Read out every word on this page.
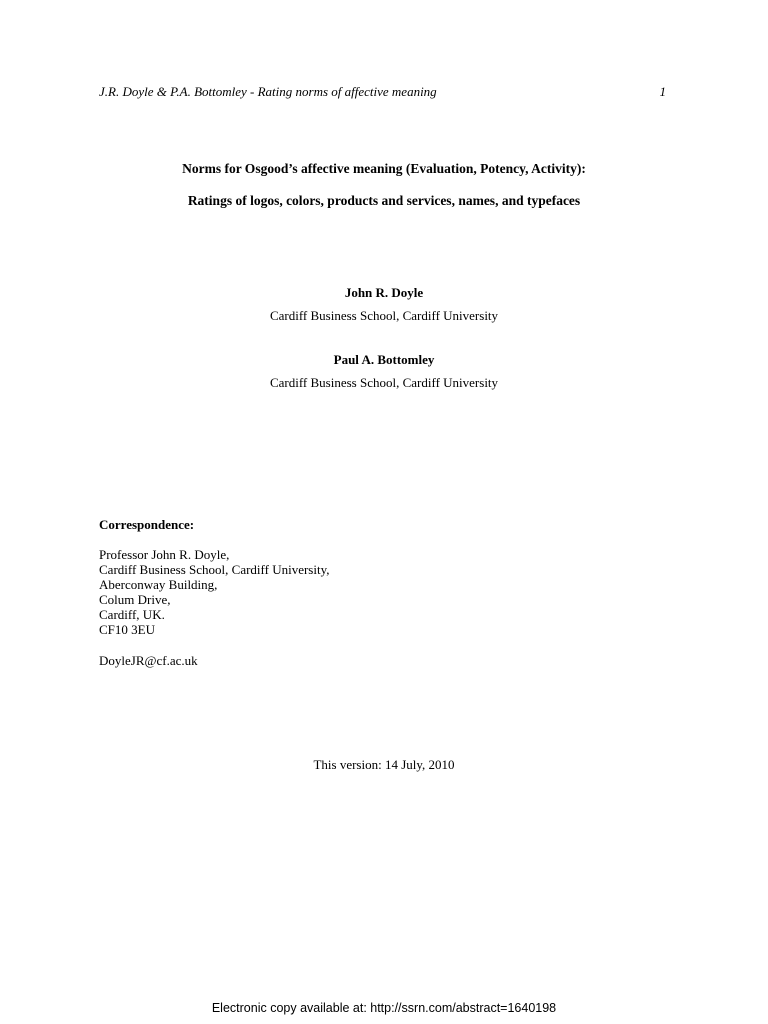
J.R. Doyle & P.A. Bottomley - Rating norms of affective meaning	1
Norms for Osgood’s affective meaning (Evaluation, Potency, Activity):
Ratings of logos, colors, products and services, names, and typefaces
John R. Doyle
Cardiff Business School, Cardiff University
Paul A. Bottomley
Cardiff Business School, Cardiff University
Correspondence:
Professor John R. Doyle,
Cardiff Business School, Cardiff University,
Aberconway Building,
Colum Drive,
Cardiff, UK.
CF10 3EU
DoyleJR@cf.ac.uk
This version: 14 July, 2010
Electronic copy available at: http://ssrn.com/abstract=1640198
